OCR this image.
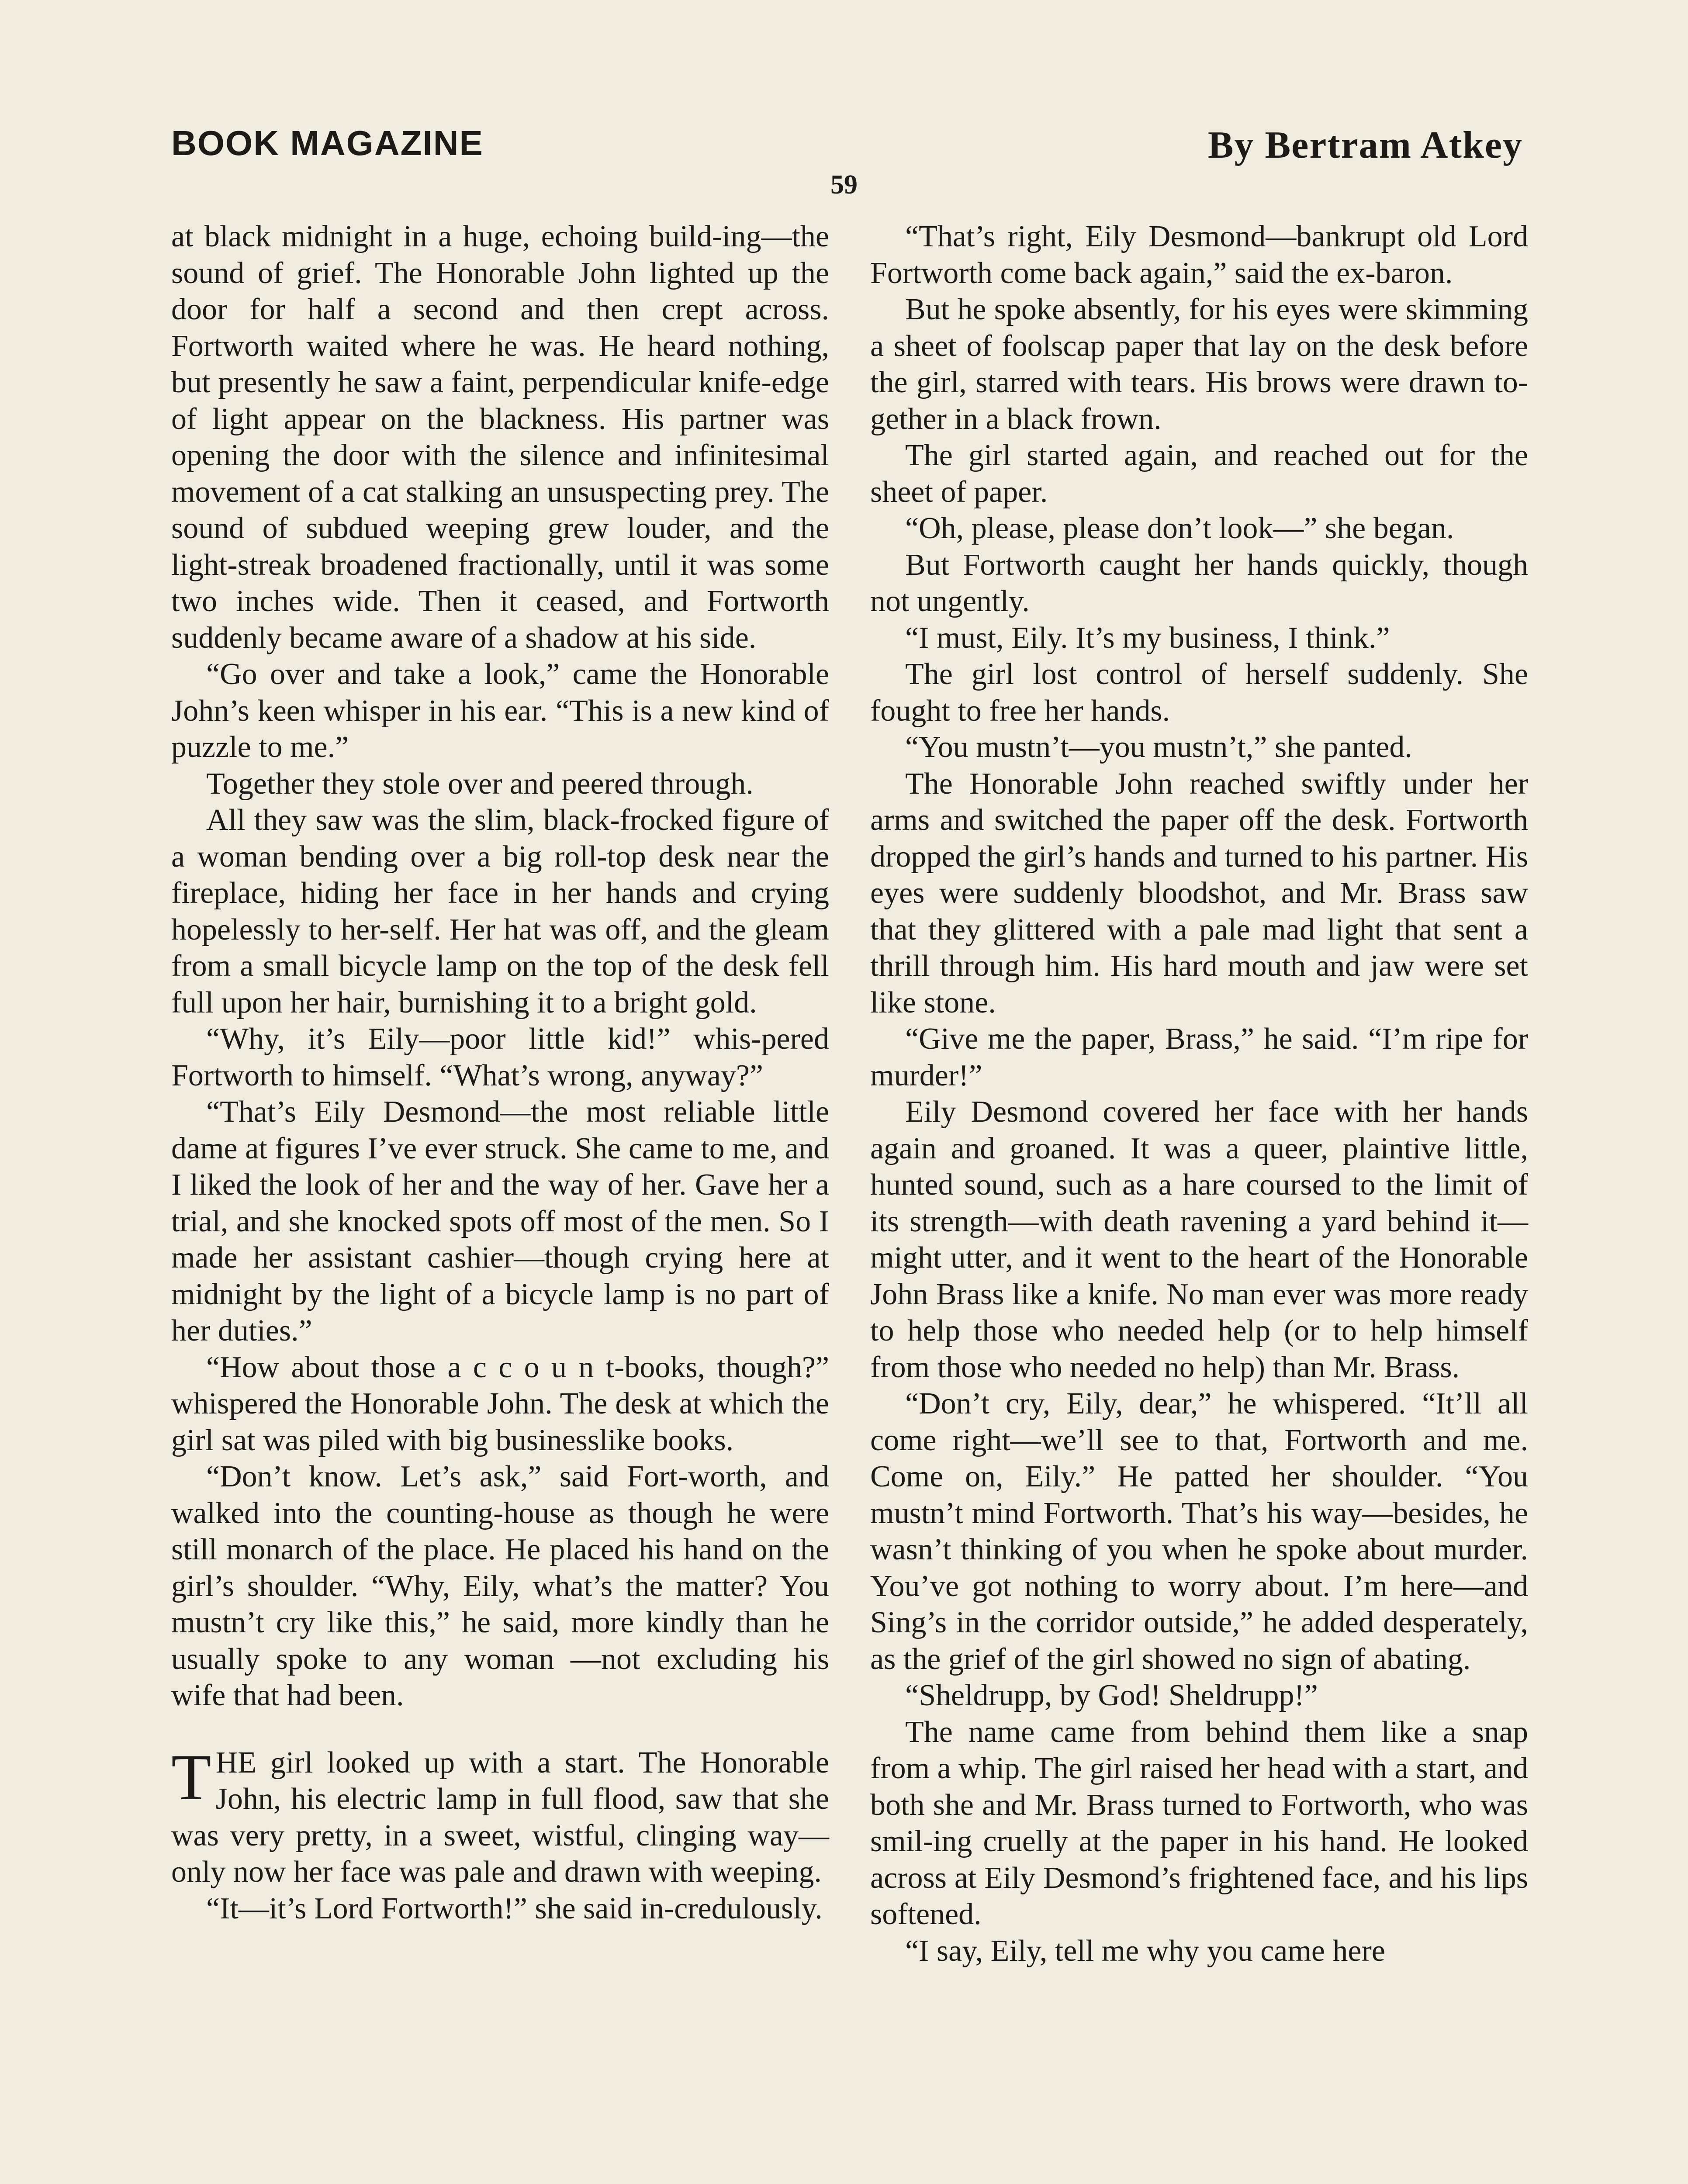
BOOK MAGAZINE	By Bertram Atkey
59

at black midnight in a huge, echoing build-ing—the sound of grief. The Honorable John lighted up the door for half a second and then crept across. Fortworth waited where he was. He heard nothing, but presently he saw a faint, perpendicular knife-edge of light appear on the blackness. His partner was opening the door with the silence and infinitesimal movement of a cat stalking an unsuspecting prey. The sound of subdued weeping grew louder, and the light-streak broadened fractionally, until it was some two inches wide. Then it ceased, and Fortworth suddenly became aware of a shadow at his side.

“Go over and take a look,” came the Honorable John’s keen whisper in his ear. “This is a new kind of puzzle to me.”

Together they stole over and peered through.

All they saw was the slim, black-frocked figure of a woman bending over a big roll-top desk near the fireplace, hiding her face in her hands and crying hopelessly to her-self. Her hat was off, and the gleam from a small bicycle lamp on the top of the desk fell full upon her hair, burnishing it to a bright gold.

“Why, it’s Eily—poor little kid!” whis-pered Fortworth to himself. “What’s wrong, anyway?”

“That’s Eily Desmond—the most reliable little dame at figures I’ve ever struck. She came to me, and I liked the look of her and the way of her. Gave her a trial, and she knocked spots off most of the men. So I made her assistant cashier—though crying here at midnight by the light of a bicycle lamp is no part of her duties.”

“How about those a c c o u n t-books, though?” whispered the Honorable John. The desk at which the girl sat was piled with big businesslike books.

“Don’t know. Let’s ask,” said Fort-worth, and walked into the counting-house as though he were still monarch of the place. He placed his hand on the girl’s shoulder. “Why, Eily, what’s the matter? You mustn’t cry like this,” he said, more kindly than he usually spoke to any woman —not excluding his wife that had been.

THE girl looked up with a start. The Honorable John, his electric lamp in full flood, saw that she was very pretty, in a sweet, wistful, clinging way—only now her face was pale and drawn with weeping.

“It—it’s Lord Fortworth!” she said in-credulously.

“That’s right, Eily Desmond—bankrupt old Lord Fortworth come back again,” said the ex-baron.

But he spoke absently, for his eyes were skimming a sheet of foolscap paper that lay on the desk before the girl, starred with tears. His brows were drawn to-gether in a black frown.

The girl started again, and reached out for the sheet of paper.

“Oh, please, please don’t look—” she began.

But Fortworth caught her hands quickly, though not ungently.

“I must, Eily. It’s my business, I think.”

The girl lost control of herself suddenly. She fought to free her hands.

“You mustn’t—you mustn’t,” she panted.

The Honorable John reached swiftly under her arms and switched the paper off the desk. Fortworth dropped the girl’s hands and turned to his partner. His eyes were suddenly bloodshot, and Mr. Brass saw that they glittered with a pale mad light that sent a thrill through him. His hard mouth and jaw were set like stone.

“Give me the paper, Brass,” he said. “I’m ripe for murder!”

Eily Desmond covered her face with her hands again and groaned. It was a queer, plaintive little, hunted sound, such as a hare coursed to the limit of its strength—with death ravening a yard behind it—might utter, and it went to the heart of the Honorable John Brass like a knife. No man ever was more ready to help those who needed help (or to help himself from those who needed no help) than Mr. Brass.

“Don’t cry, Eily, dear,” he whispered. “It’ll all come right—we’ll see to that, Fortworth and me. Come on, Eily.” He patted her shoulder. “You mustn’t mind Fortworth. That’s his way—besides, he wasn’t thinking of you when he spoke about murder. You’ve got nothing to worry about. I’m here—and Sing’s in the corridor outside,” he added desperately, as the grief of the girl showed no sign of abating.

“Sheldrupp, by God! Sheldrupp!”

The name came from behind them like a snap from a whip. The girl raised her head with a start, and both she and Mr. Brass turned to Fortworth, who was smil-ing cruelly at the paper in his hand. He looked across at Eily Desmond’s frightened face, and his lips softened.

“I say, Eily, tell me why you came here
